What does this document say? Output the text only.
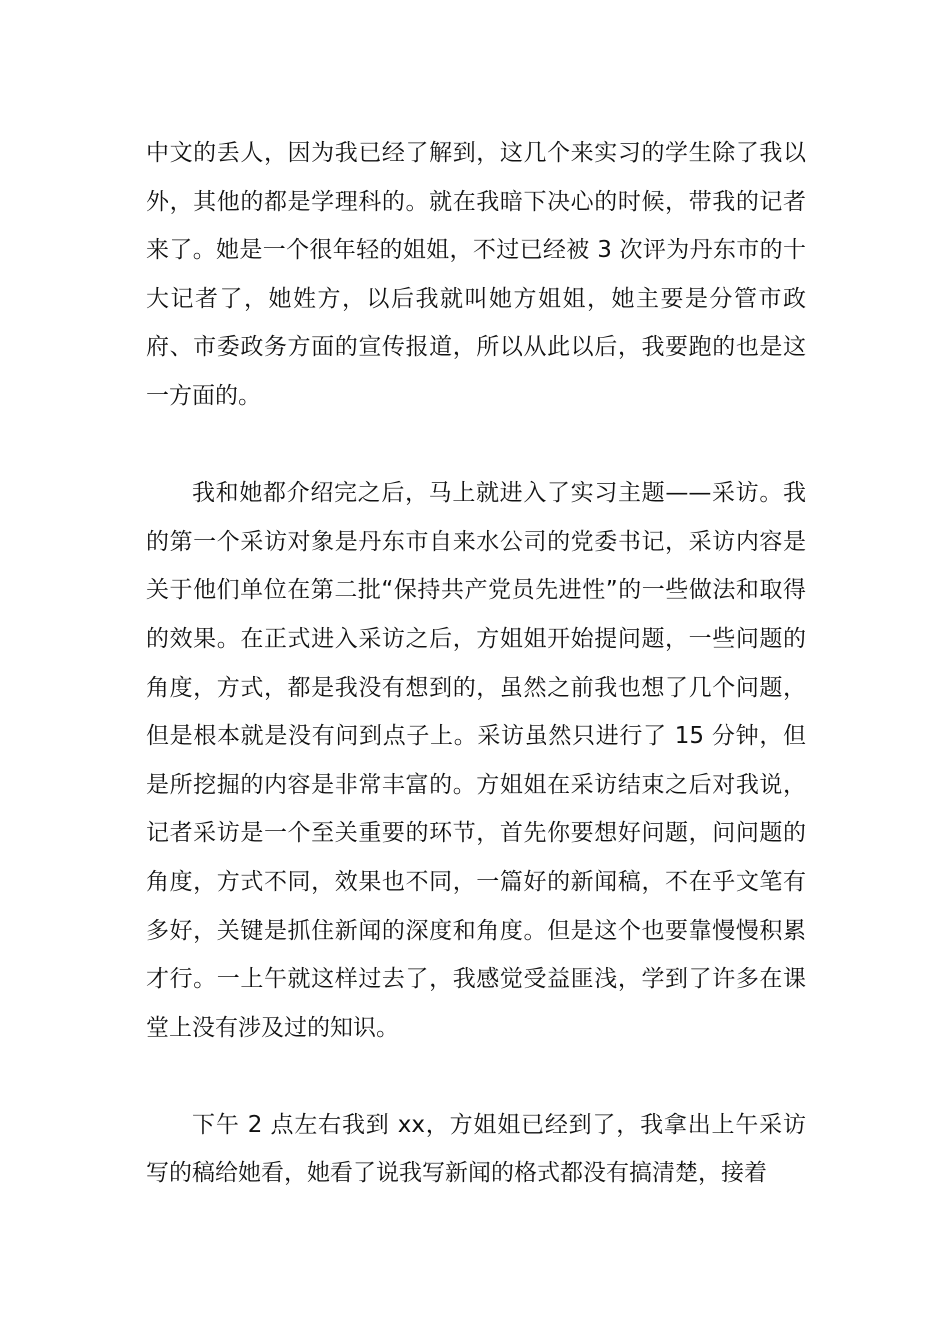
中文的丢人，因为我已经了解到，这几个来实习的学生除了我以外，其他的都是学理科的。就在我暗下决心的时候，带我的记者来了。她是一个很年轻的姐姐，不过已经被 3 次评为丹东市的十大记者了，她姓方，以后我就叫她方姐姐，她主要是分管市政府、市委政务方面的宣传报道，所以从此以后，我要跑的也是这一方面的。

我和她都介绍完之后，马上就进入了实习主题——采访。我的第一个采访对象是丹东市自来水公司的党委书记，采访内容是关于他们单位在第二批“保持共产党员先进性”的一些做法和取得的效果。在正式进入采访之后，方姐姐开始提问题，一些问题的角度，方式，都是我没有想到的，虽然之前我也想了几个问题，但是根本就是没有问到点子上。采访虽然只进行了 15 分钟，但是所挖掘的内容是非常丰富的。方姐姐在采访结束之后对我说，记者采访是一个至关重要的环节，首先你要想好问题，问问题的角度，方式不同，效果也不同，一篇好的新闻稿，不在乎文笔有多好，关键是抓住新闻的深度和角度。但是这个也要靠慢慢积累才行。一上午就这样过去了，我感觉受益匪浅，学到了许多在课堂上没有涉及过的知识。

下午 2 点左右我到 xx，方姐姐已经到了，我拿出上午采访写的稿给她看，她看了说我写新闻的格式都没有搞清楚，接着
